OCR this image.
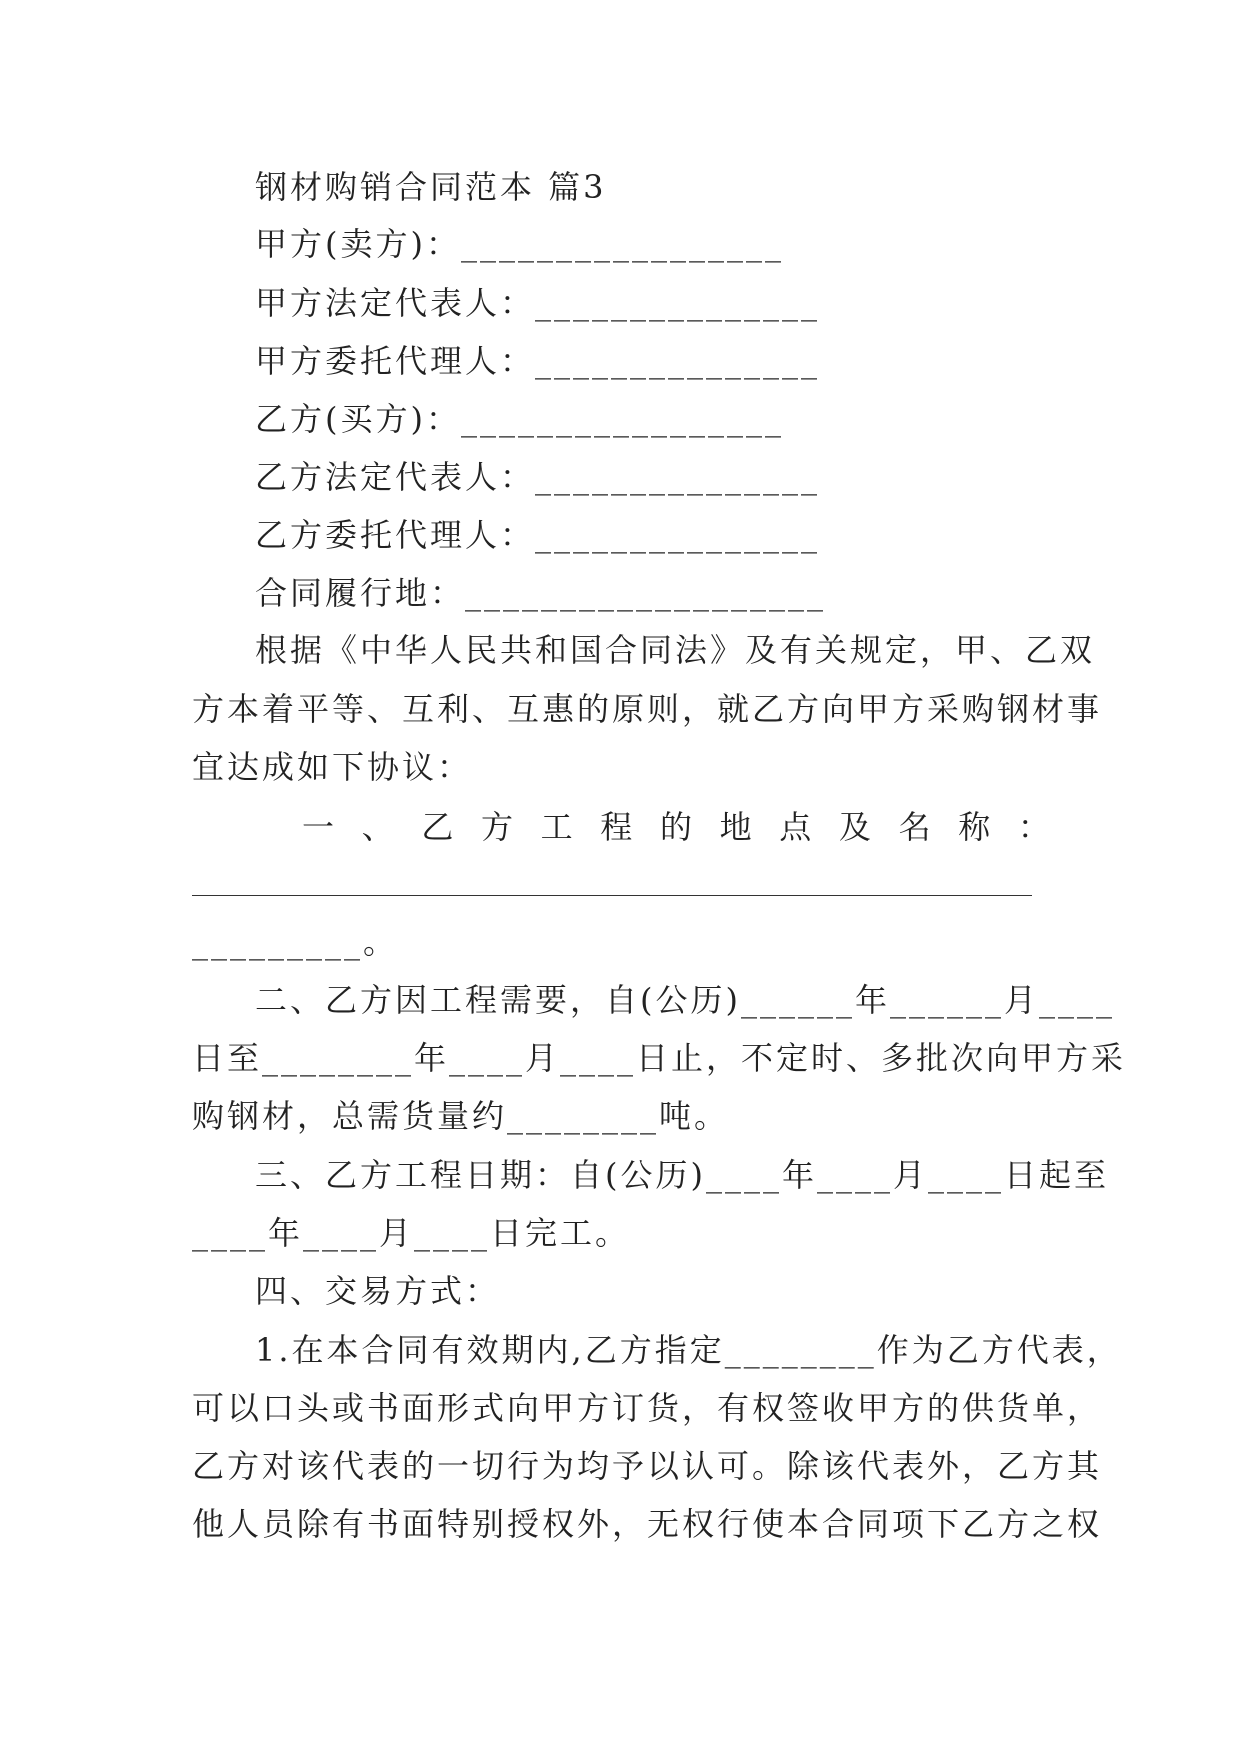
钢材购销合同范本 篇3
甲方(卖方)：_________________
甲方法定代表人：_______________
甲方委托代理人：_______________
乙方(买方)：_________________
乙方法定代表人：_______________
乙方委托代理人：_______________
合同履行地：___________________
根据《中华人民共和国合同法》及有关规定，甲、乙双
方本着平等、互利、互惠的原则，就乙方向甲方采购钢材事
宜达成如下协议：
一 、 乙 方 工 程 的 地 点 及 名 称 ：
_________。
二、乙方因工程需要，自(公历)______年______月____
日至________年____月____日止，不定时、多批次向甲方采
购钢材，总需货量约________吨。
三、乙方工程日期：自(公历)____年____月____日起至
____年____月____日完工。
四、交易方式：
1.在本合同有效期内,乙方指定________作为乙方代表，
可以口头或书面形式向甲方订货，有权签收甲方的供货单，
乙方对该代表的一切行为均予以认可。除该代表外，乙方其
他人员除有书面特别授权外，无权行使本合同项下乙方之权
